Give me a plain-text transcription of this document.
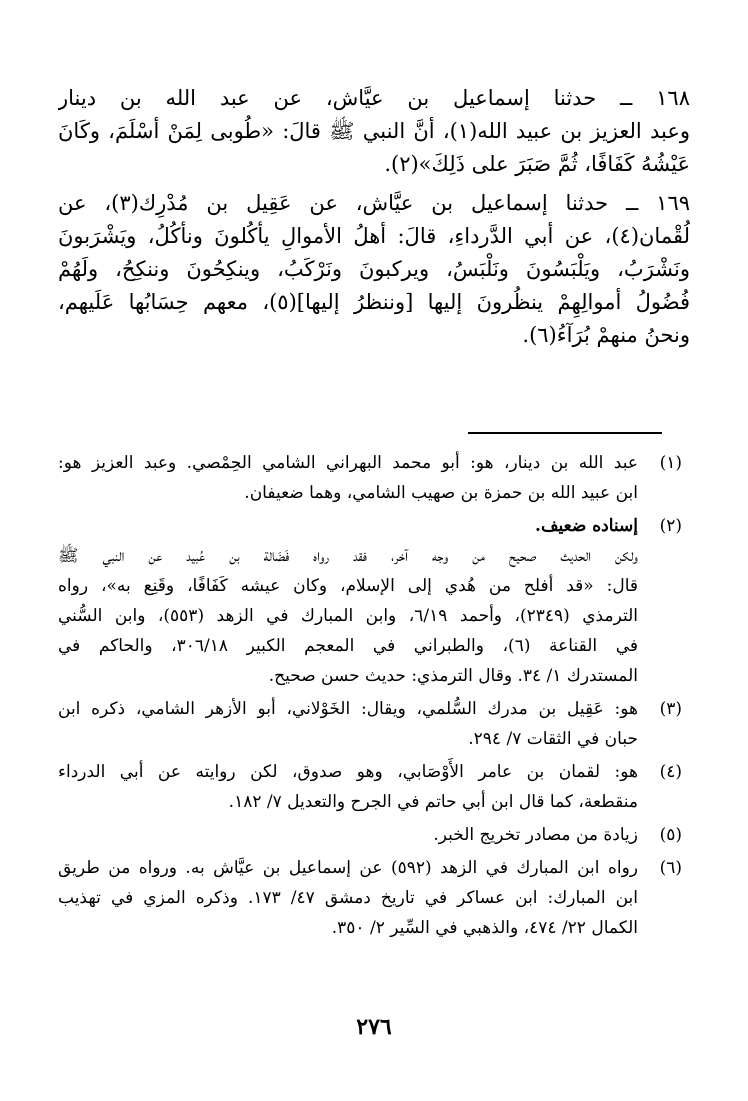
١٦٨ ــ حدثنا إسماعيل بن عيَّاش، عن عبد الله بن دينار
وعبد العزيز بن عبيد الله(١)، أنَّ النبي ﷺ قالَ: «طُوبى لِمَنْ أسْلَمَ، وكَانَ
عَيْشُهُ كَفَافًا، ثُمَّ صَبَرَ على ذَلِكَ»(٢).
١٦٩ ــ حدثنا إسماعيل بن عيَّاش، عن عَقِيل بن مُدْرِك(٣)، عن
لُقْمان(٤)، عن أبي الدَّرداءِ، قالَ: أهلُ الأموالِ يأكُلونَ ونأكُلُ، ويَشْرَبونَ
ونَشْرَبُ، ويَلْبَسُونَ ونَلْبَسُ، ويركبونَ ونَرْكَبُ، وينكِحُونَ وننكِحُ، ولَهُمْ
فُضُولُ أموالِهِمْ ينظُرونَ إليها [وننظرُ إليها](٥)، معهم حِسَابُها عَلَيهم،
ونحنُ منهمْ بُرَآءُ(٦).
(١)
عبد الله بن دينار، هو: أبو محمد البهراني الشامي الحِمْصي. وعبد العزيز هو:
ابن عبيد الله بن حمزة بن صهيب الشامي، وهما ضعيفان.
(٢)
إسناده ضعيف.
ولكن الحديث صحيح من وجه آخر، فقد رواه فَضَالة بن عُبيد عن النبي ﷺ
قال: «قد أفلح من هُدي إلى الإسلام، وكان عيشه كَفَافًا، وقَنِع به»، رواه
الترمذي (٢٣٤٩)، وأحمد ٦/١٩، وابن المبارك في الزهد (٥٥٣)، وابن السُّني
في القناعة (٦)، والطبراني في المعجم الكبير ٣٠٦/١٨، والحاكم في
المستدرك ١/ ٣٤. وقال الترمذي: حديث حسن صحيح.
(٣)
هو: عَقِيل بن مدرك السُّلمي، ويقال: الخَوْلاني، أبو الأزهر الشامي، ذكره ابن
حبان في الثقات ٧/ ٢٩٤.
(٤)
هو: لقمان بن عامر الأَوْصَابي، وهو صدوق، لكن روايته عن أبي الدرداء
منقطعة، كما قال ابن أبي حاتم في الجرح والتعديل ٧/ ١٨٢.
(٥)
زيادة من مصادر تخريج الخبر.
(٦)
رواه ابن المبارك في الزهد (٥٩٢) عن إسماعيل بن عيَّاش به. ورواه من طريق
ابن المبارك: ابن عساكر في تاريخ دمشق ٤٧/ ١٧٣. وذكره المزي في تهذيب
الكمال ٢٢/ ٤٧٤، والذهبي في السِّير ٢/ ٣٥٠.
٢٧٦
